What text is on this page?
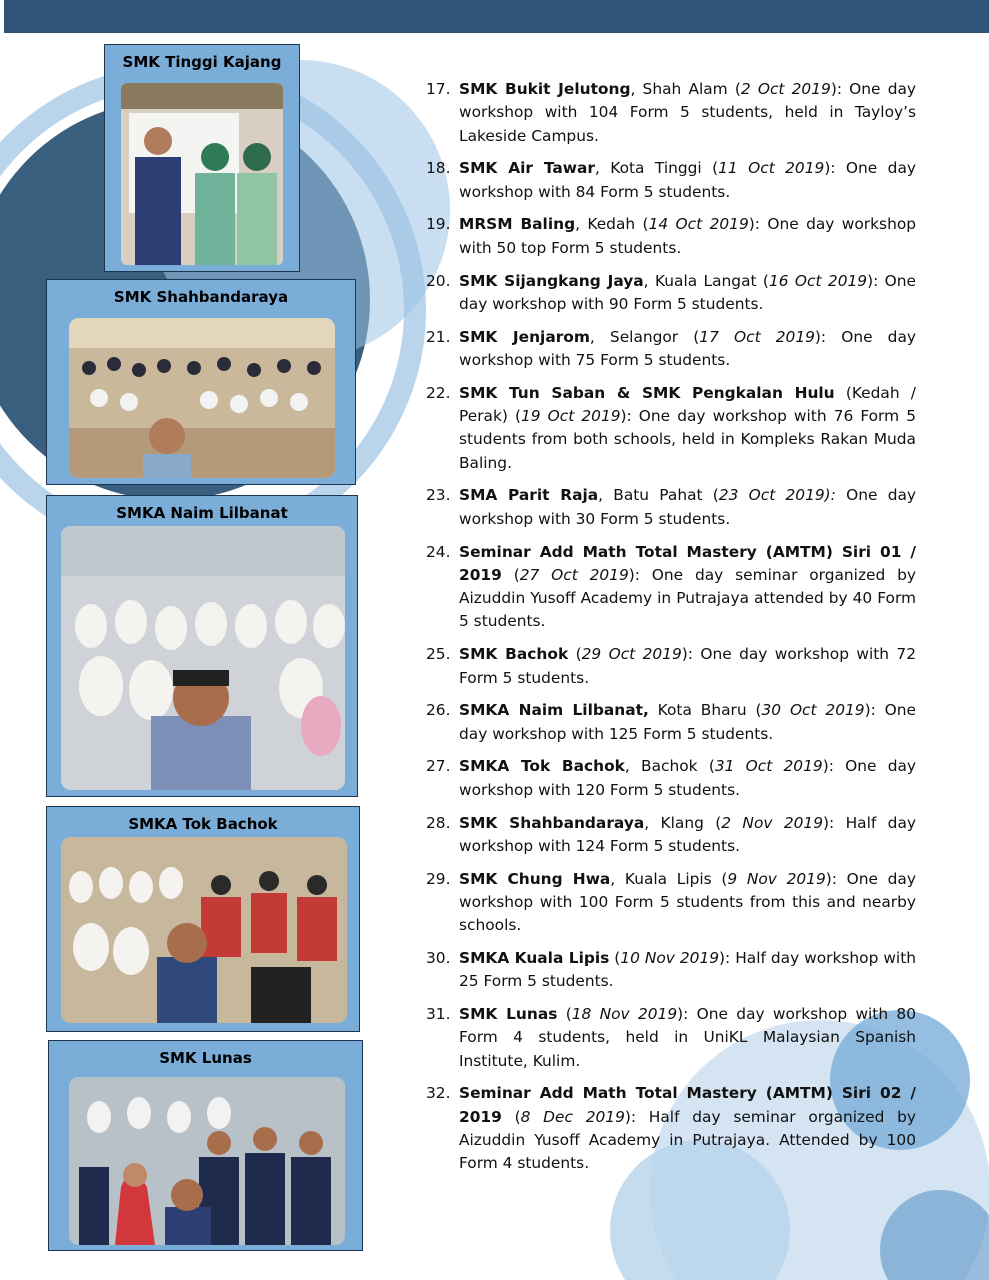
SMK Tinggi Kajang
SMK Shahbandaraya
SMKA Naim Lilbanat
SMKA Tok Bachok
SMK Lunas
17. SMK Bukit Jelutong, Shah Alam (2 Oct 2019): One day workshop with 104 Form 5 students, held in Tayloy’s Lakeside Campus.
18. SMK Air Tawar, Kota Tinggi (11 Oct 2019): One day workshop with 84 Form 5 students.
19. MRSM Baling, Kedah (14 Oct 2019): One day workshop with 50 top Form 5 students.
20. SMK Sijangkang Jaya, Kuala Langat (16 Oct 2019): One day workshop with 90 Form 5 students.
21. SMK Jenjarom, Selangor (17 Oct 2019): One day workshop with 75 Form 5 students.
22. SMK Tun Saban & SMK Pengkalan Hulu (Kedah / Perak) (19 Oct 2019): One day workshop with 76 Form 5 students from both schools, held in Kompleks Rakan Muda Baling.
23. SMA Parit Raja, Batu Pahat (23 Oct 2019): One day workshop with 30 Form 5 students.
24. Seminar Add Math Total Mastery (AMTM) Siri 01 / 2019 (27 Oct 2019): One day seminar organized by Aizuddin Yusoff Academy in Putrajaya attended by 40 Form 5 students.
25. SMK Bachok (29 Oct 2019): One day workshop with 72 Form 5 students.
26. SMKA Naim Lilbanat, Kota Bharu (30 Oct 2019): One day workshop with 125 Form 5 students.
27. SMKA Tok Bachok, Bachok (31 Oct 2019): One day workshop with 120 Form 5 students.
28. SMK Shahbandaraya, Klang (2 Nov 2019): Half day workshop with 124 Form 5 students.
29. SMK Chung Hwa, Kuala Lipis (9 Nov 2019): One day workshop with 100 Form 5 students from this and nearby schools.
30. SMKA Kuala Lipis (10 Nov 2019): Half day workshop with 25 Form 5 students.
31. SMK Lunas (18 Nov 2019): One day workshop with 80 Form 4 students, held in UniKL Malaysian Spanish Institute, Kulim.
32. Seminar Add Math Total Mastery (AMTM) Siri 02 / 2019 (8 Dec 2019): Half day seminar organized by Aizuddin Yusoff Academy in Putrajaya. Attended by 100 Form 4 students.
